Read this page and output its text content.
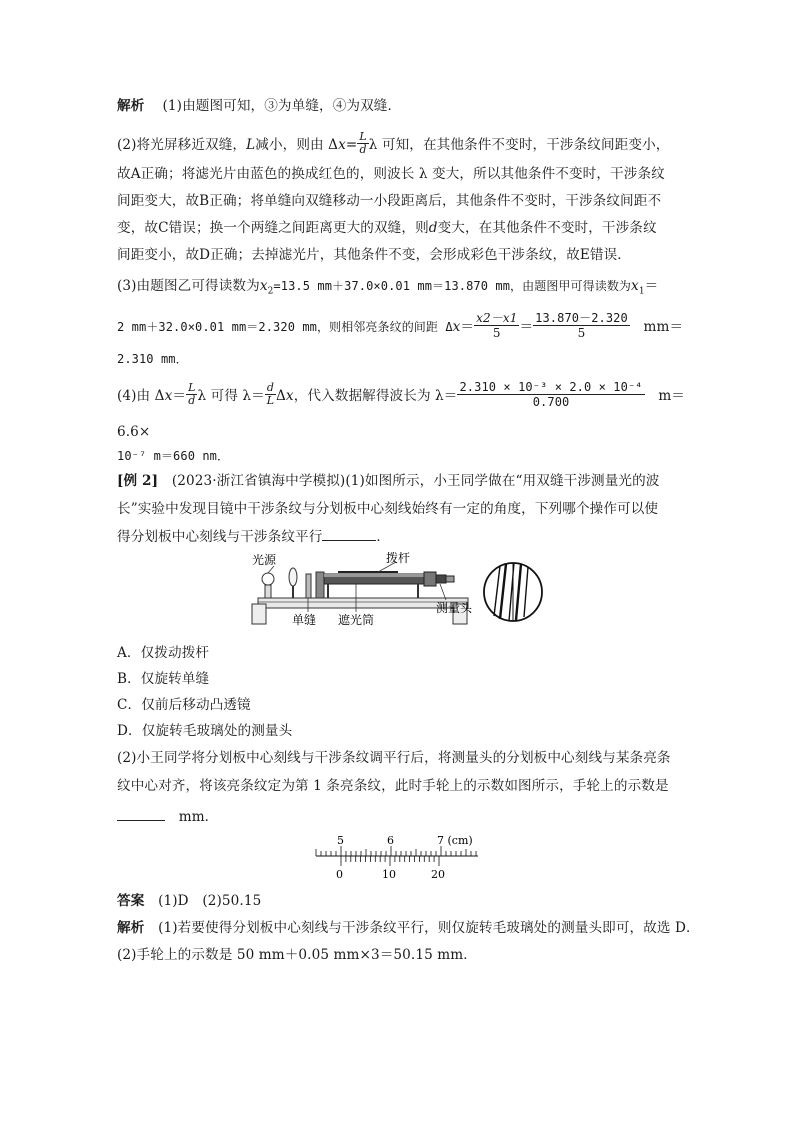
解析　 (1)由题图可知，③为单缝，④为双缝．
(2)将光屏移近双缝，L减小，则由 $\Delta x= \frac{L}{d}$ λ 可知，在其他条件不变时，干涉条纹间距变小，
故A正确；将滤光片由蓝色的换成红色的，则波长 λ 变大，所以其他条件不变时，干涉条纹
间距变大，故B正确；将单缝向双缝移动一小段距离后，其他条件不变时，干涉条纹间距不
变，故C错误；换一个两缝之间距离更大的双缝，则d变大，在其他条件不变时，干涉条纹
间距变小，故D正确；去掉滤光片，其他条件不变，会形成彩色干涉条纹，故E错误．
(3)由题图乙可得读数为$x_2=13.5$ mm＋37.0×0.01 mm＝13.870 mm，由题图甲可得读数为$x_1=$
2 mm＋32.0×0.01 mm＝2.320 mm，则相邻亮条纹的间距 $\Delta x= \frac{x2-x1}{5} = \frac{13.870-2.320}{5}$
　 mm＝
2.310 mm．
(4)由 $\Delta x= \frac{L}{d}$ λ 可得 $\lambda= \frac{d}{L}$ Δx，代入数据解得波长为 $\lambda= \frac{\text{2.310 × 10⁻³ × 2.0 × 10⁻⁴}}{0.700}$
　 m＝
6.6×
10⁻⁷ m＝660 nm．
[例 2]　 (2023·浙江省镇海中学模拟)(1)如图所示，小王同学做在“用双缝干涉测量光的波
长”实验中发现目镜中干涉条纹与分划板中心刻线始终有一定的角度，下列哪个操作可以使
得分划板中心刻线与干涉条纹平行	．
光源	拨杆
测量头
单缝 遮光筒
A．仅拨动拨杆
B．仅旋转单缝
C．仅前后移动凸透镜
D．仅旋转毛玻璃处的测量头
(2)小王同学将分划板中心刻线与干涉条纹调平行后，将测量头的分划板中心刻线与某条亮条
纹中心对齐，将该亮条纹定为第 1 条亮条纹，此时手轮上的示数如图所示，手轮上的示数是
　mm．
5	6	7 (cm)
0	10	20
答案　 (1)D　(2)50.15
解析　 (1)若要使得分划板中心刻线与干涉条纹平行，则仅旋转毛玻璃处的测量头即可，故选 D．
(2)手轮上的示数是 50 mm＋0.05 mm×3＝50.15 mm．
